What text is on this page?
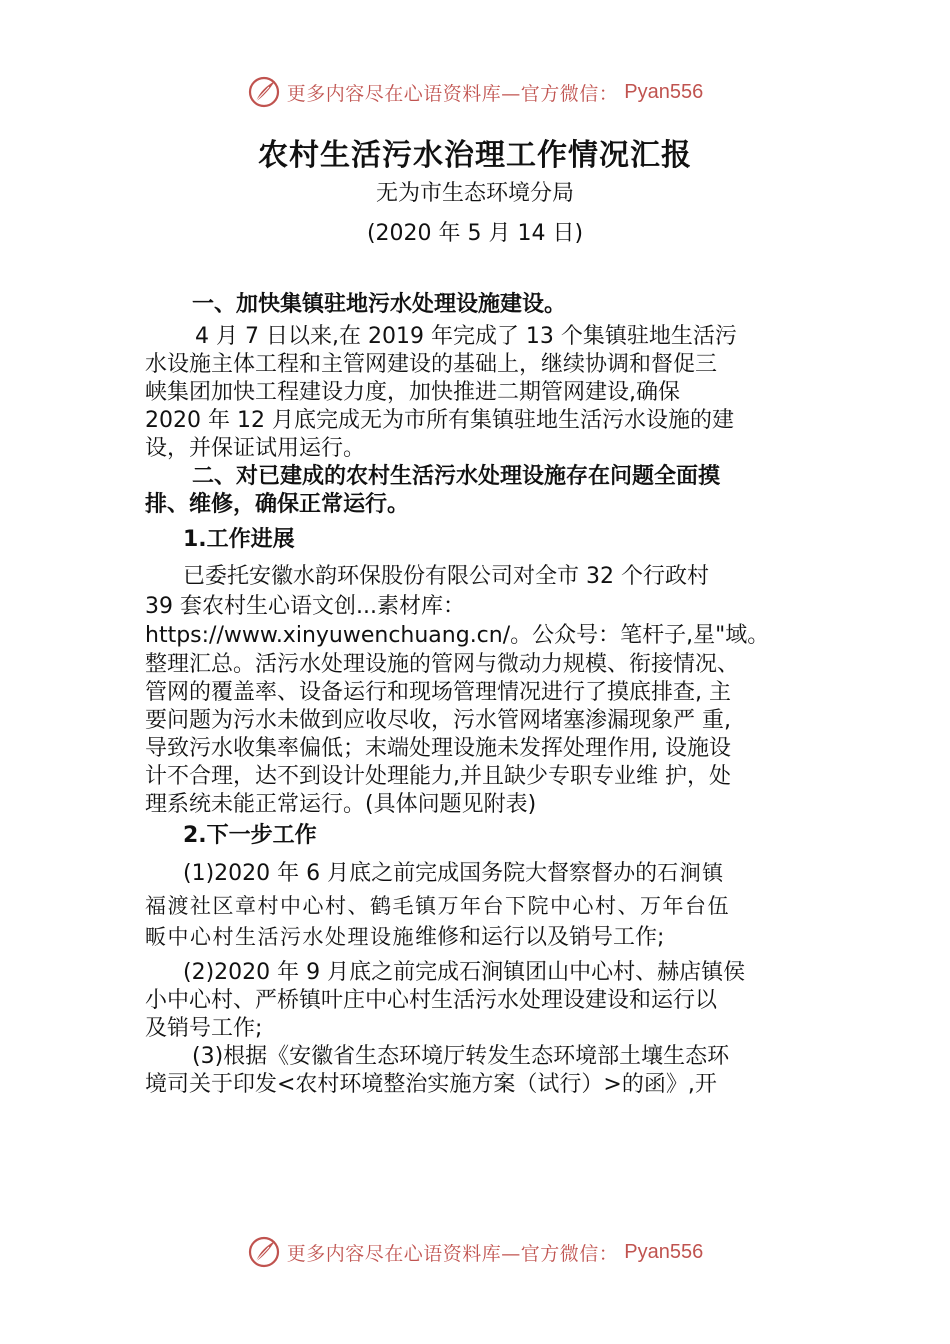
更多内容尽在心语资料库—官方微信： Pyan556
农村生活污水治理工作情况汇报
无为市生态环境分局
(2020 年 5 月 14 日)
一、加快集镇驻地污水处理设施建设。
4 月 7 日以来,在 2019 年完成了 13 个集镇驻地生活污
水设施主体工程和主管网建设的基础上，继续协调和督促三
峡集团加快工程建设力度，加快推进二期管网建设,确保
2020 年 12 月底完成无为市所有集镇驻地生活污水设施的建
设，并保证试用运行。
二、对已建成的农村生活污水处理设施存在问题全面摸
排、维修，确保正常运行。
1.工作进展
已委托安徽水韵环保股份有限公司对全市 32 个行政村
39 套农村生心语文创...素材库：
https://www.xinyuwenchuang.cn/。公众号：笔杆子,星"域。
整理汇总。活污水处理设施的管网与微动力规模、衔接情况、
管网的覆盖率、设备运行和现场管理情况进行了摸底排查, 主
要问题为污水未做到应收尽收，污水管网堵塞渗漏现象严 重,
导致污水收集率偏低；末端处理设施未发挥处理作用, 设施设
计不合理，达不到设计处理能力,并且缺少专职专业维 护，处
理系统未能正常运行。(具体问题见附表)
2.下一步工作
(1)2020 年 6 月底之前完成国务院大督察督办的石涧镇
福渡社区章村中心村、鹤毛镇万年台下院中心村、万年台伍
畈中心村生活污水处理设施维修和运行以及销号工作;
(2)2020 年 9 月底之前完成石涧镇团山中心村、赫店镇侯
小中心村、严桥镇叶庄中心村生活污水处理设建设和运行以
及销号工作;
(3)根据《安徽省生态环境厅转发生态环境部土壤生态环
境司关于印发<农村环境整治实施方案（试行）>的函》,开
更多内容尽在心语资料库—官方微信： Pyan556
